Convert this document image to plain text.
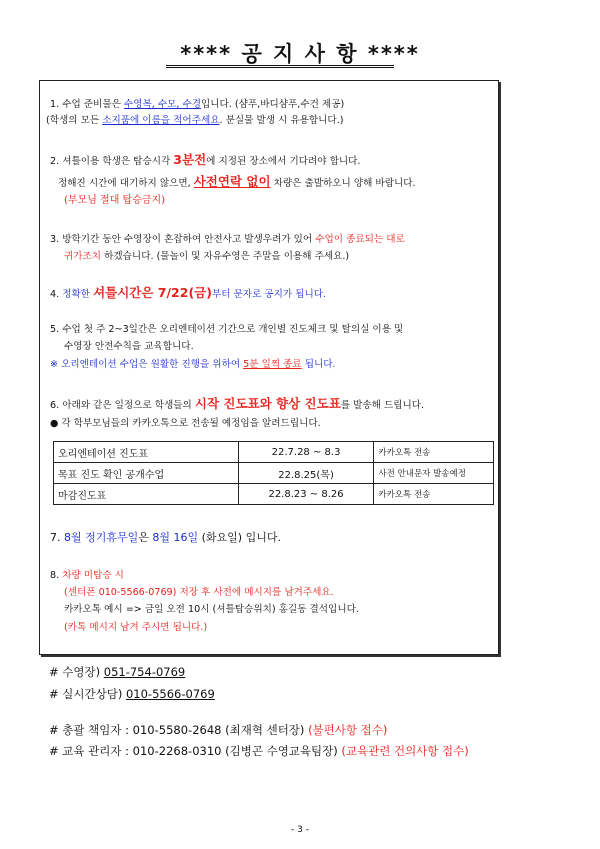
**** 공 지 사 항 ****
1. 수업 준비물은 수영복, 수모, 수경입니다. (샴푸,바디샴푸,수건 제공)
(학생의 모든 소지품에 이름을 적어주세요. 분실물 발생 시 유용합니다.)
2. 셔틀이용 학생은 탑승시각 3분전에 지정된 장소에서 기다려야 합니다.
정해진 시간에 대기하지 않으면, 사전연락 없이 차량은 출발하오니 양해 바랍니다.
(부모님 절대 탑승금지)
3. 방학기간 동안 수영장이 혼잡하여 안전사고 발생우려가 있어 수업이 종료되는 대로
귀가조치 하겠습니다. (물놀이 및 자유수영은 주말을 이용해 주세요.)
4. 정확한 셔틀시간은 7/22(금)부터 문자로 공지가 됩니다.
5. 수업 첫 주 2~3일간은 오리엔테이션 기간으로 개인별 진도체크 및 탈의실 이용 및
수영장 안전수칙을 교육합니다.
※ 오리엔테이션 수업은 원활한 진행을 위하여 5분 일찍 종료 됩니다.
6. 아래와 같은 일정으로 학생들의 시작 진도표와 향상 진도표를 발송해 드립니다.
● 각 학부모님들의 카카오톡으로 전송될 예정임을 알려드립니다.
오리엔테이션 진도표	22.7.28 ~ 8.3	카카오톡 전송
목표 진도 확인 공개수업	22.8.25(목)	사전 안내문자 발송예정
마감진도표	22.8.23 ~ 8.26	카카오톡 전송
7. 8월 정기휴무일은 8월 16일 (화요일) 입니다.
8. 차량 미탑승 시
(센터폰 010-5566-0769) 저장 후 사전에 메시지를 남겨주세요.
카카오톡 예시 => 금일 오전 10시 (셔틀탑승위치) 홍길동 결석입니다.
(카톡 메시지 남겨 주시면 됩니다.)
# 수영장) 051-754-0769
# 실시간상담) 010-5566-0769
# 총괄 책임자 : 010-5580-2648 (최재혁 센터장) (불편사항 접수)
# 교육 관리자 : 010-2268-0310 (김병곤 수영교육팀장) (교육관련 건의사항 접수)
- 3 -
